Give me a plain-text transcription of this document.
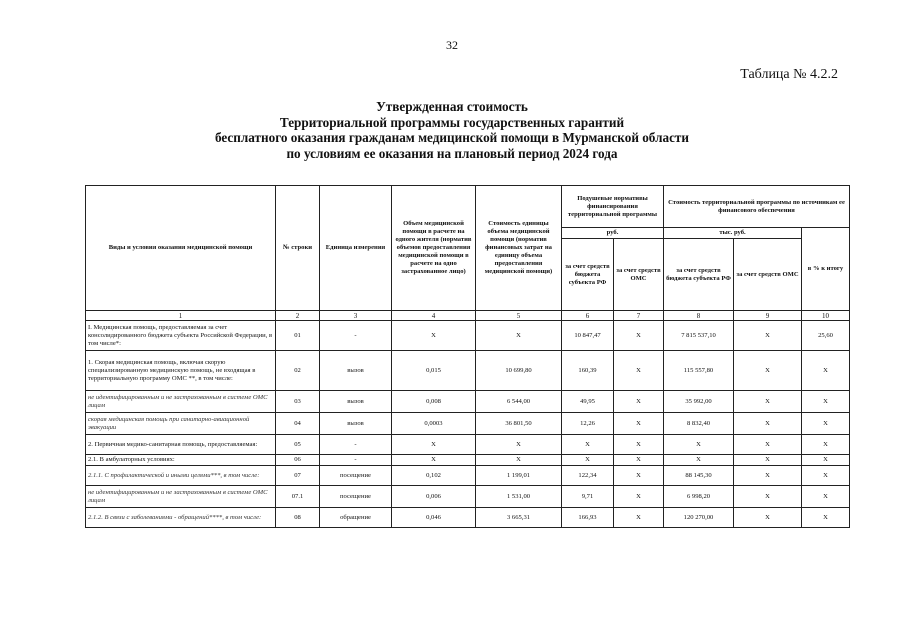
32
Таблица № 4.2.2
Утвержденная стоимость
Территориальной программы государственных гарантий
бесплатного оказания гражданам медицинской помощи в Мурманской области
по условиям ее оказания на плановый период 2024 года
Виды и условия оказания медицинской помощи	№ строки	Единица измерения	Объем медицинской помощи в расчете на одного жителя (норматив объемов предоставления медицинской помощи в расчете на одно застрахованное лицо)	Стоимость единицы объема медицинской помощи (норматив финансовых затрат на единицу объема предоставления медицинской помощи)	Подушевые нормативы финансирования территориальной программы		Стоимость территориальной программы по источникам ее финансового обеспечения		
					руб.		тыс. руб.		в % к итогу
					за счет средств бюджета субъекта РФ	за счет средств ОМС	за счет средств бюджета субъекта РФ	за счет средств ОМС	
1	2	3	4	5	6	7	8	9	10
I. Медицинская помощь, предоставляемая за счет консолидированного бюджета субъекта Российской Федерации, в том числе*:	01	-	Х	Х	10 847,47	Х	7 815 537,10	Х	25,60
1. Скорая медицинская помощь, включая скорую специализированную медицинскую помощь, не входящая в территориальную программу ОМС **, в том числе:	02	вызов	0,015	10 699,80	160,39	Х	115 557,80	Х	Х
не идентифицированным и не застрахованным в системе ОМС лицам	03	вызов	0,008	6 544,00	49,95	Х	35 992,00	Х	Х
скорая медицинская помощь при санитарно-авиационной эвакуации	04	вызов	0,0003	36 801,50	12,26	Х	8 832,40	Х	Х
2. Первичная медико-санитарная помощь, предоставляемая:	05	-	Х	Х	Х	Х	Х	Х	Х
2.1. В амбулаторных условиях:	06	-	Х	Х	Х	Х	Х	Х	Х
2.1.1. С профилактической и иными целями***, в том числе:	07	посещение	0,102	1 199,01	122,34	Х	88 145,30	Х	Х
не идентифицированным и не застрахованным в системе ОМС лицам	07.1	посещение	0,006	1 531,00	9,71	Х	6 998,20	Х	Х
2.1.2. В связи с заболеваниями - обращений****, в том числе:	08	обращение	0,046	3 665,31	166,93	Х	120 270,00	Х	Х
